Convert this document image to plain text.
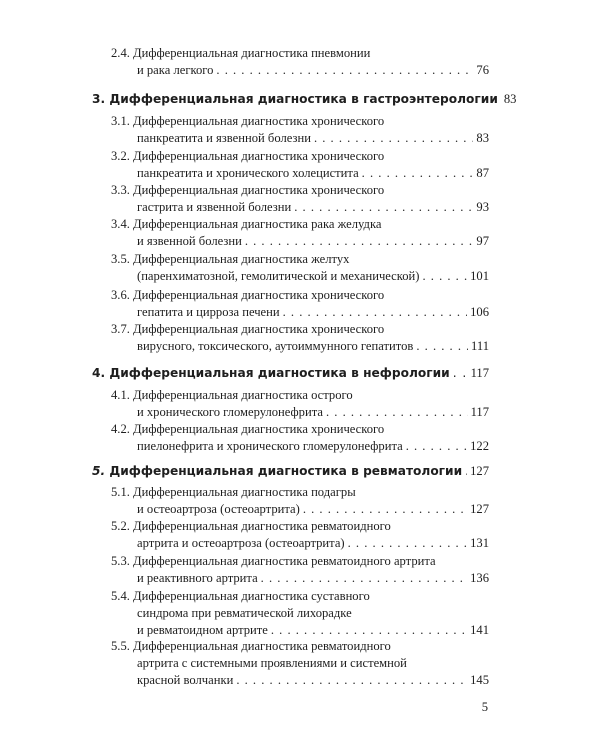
2.4. Дифференциальная диагностика пневмонии
и рака легкого . . .	76
3. Дифференциальная диагностика в гастроэнтерологии 83
3.1. Дифференциальная диагностика хронического
панкреатита и язвенной болезни . . .	83
3.2. Дифференциальная диагностика хронического
панкреатита и хронического холецистита . . .	87
3.3. Дифференциальная диагностика хронического
гастрита и язвенной болезни . . .	93
3.4. Дифференциальная диагностика рака желудка
и язвенной болезни . . .	97
3.5. Дифференциальная диагностика желтух
(паренхиматозной, гемолитической и механической) . . .	101
3.6. Дифференциальная диагностика хронического
гепатита и цирроза печени . . .	106
3.7. Дифференциальная диагностика хронического
вирусного, токсического, аутоиммунного гепатитов . . .	111
4. Дифференциальная диагностика в нефрологии . . . 117
4.1. Дифференциальная диагностика острого
и хронического гломерулонефрита . . .	117
4.2. Дифференциальная диагностика хронического
пиелонефрита и хронического гломерулонефрита . . .	122
5. Дифференциальная диагностика в ревматологии . . . 127
5.1. Дифференциальная диагностика подагры
и остеоартроза (остеоартрита) . . .	127
5.2. Дифференциальная диагностика ревматоидного
артрита и остеоартроза (остеоартрита) . . .	131
5.3. Дифференциальная диагностика ревматоидного артрита
и реактивного артрита . . .	136
5.4. Дифференциальная диагностика суставного
синдрома при ревматической лихорадке
и ревматоидном артрите . . .	141
5.5. Дифференциальная диагностика ревматоидного
артрита с системными проявлениями и системной
красной волчанки . . .	145
5
